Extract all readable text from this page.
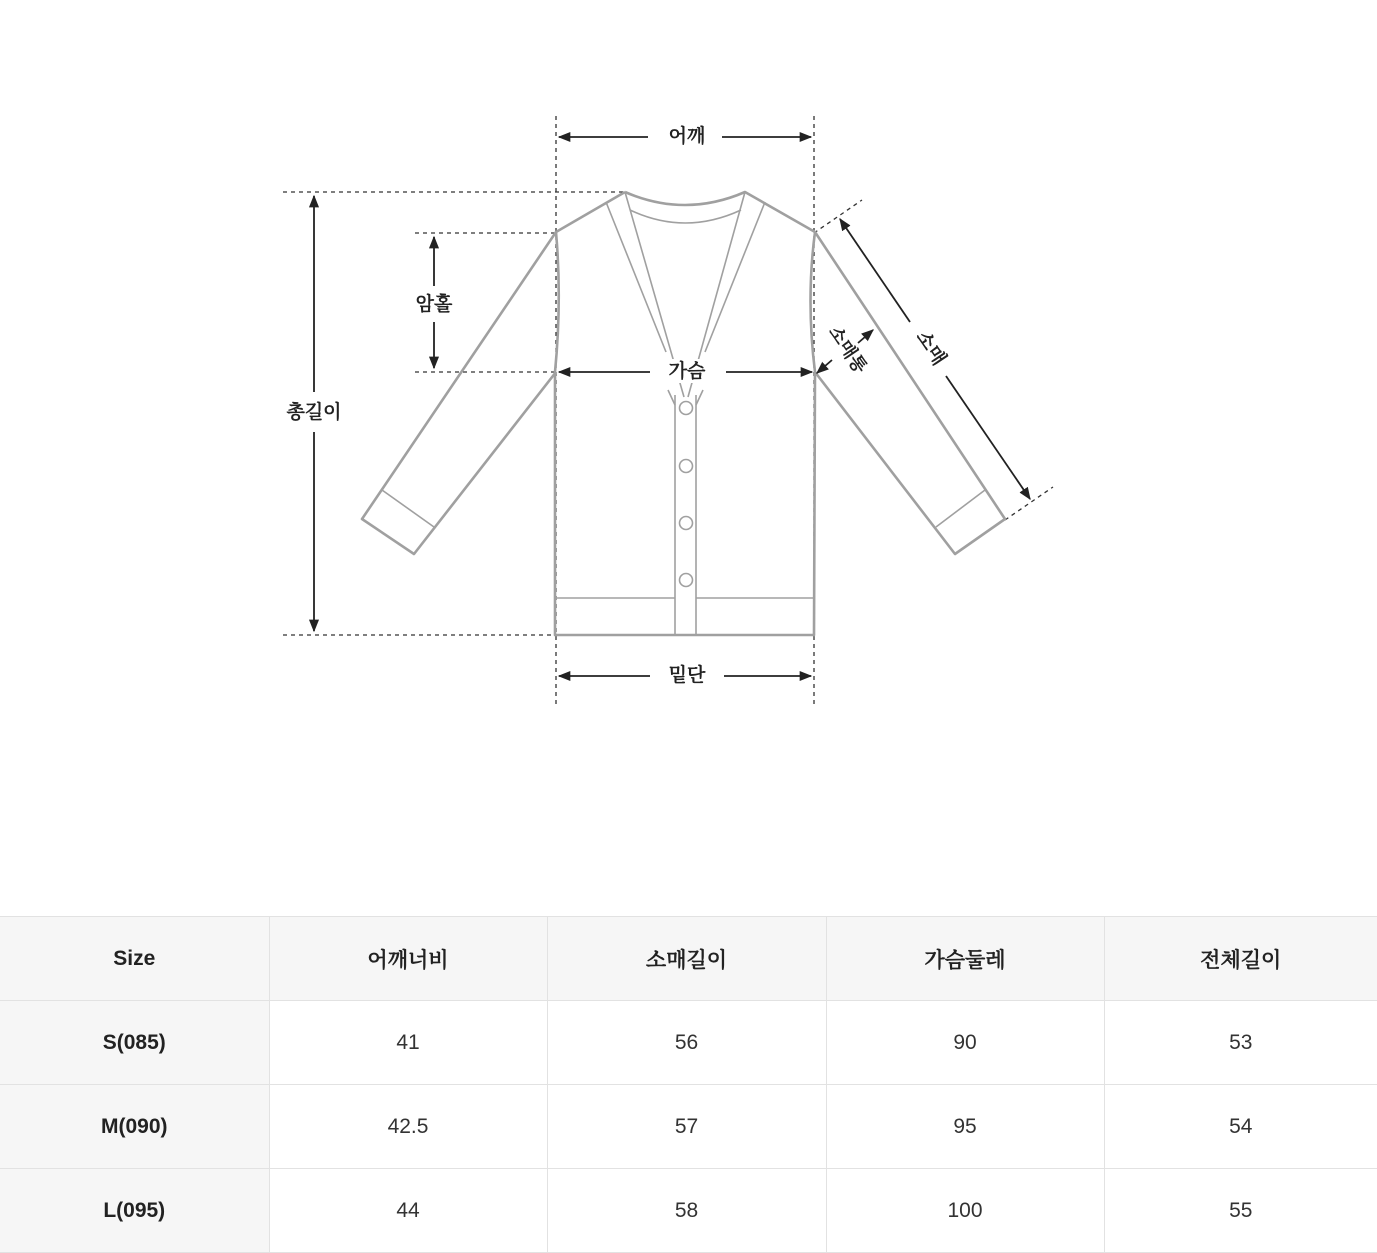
어깨
암홀
총길이
가슴
밑단
소매
소매통
Size	어깨너비	소매길이	가슴둘레	전체길이
S(085)	41	56	90	53
M(090)	42.5	57	95	54
L(095)	44	58	100	55
